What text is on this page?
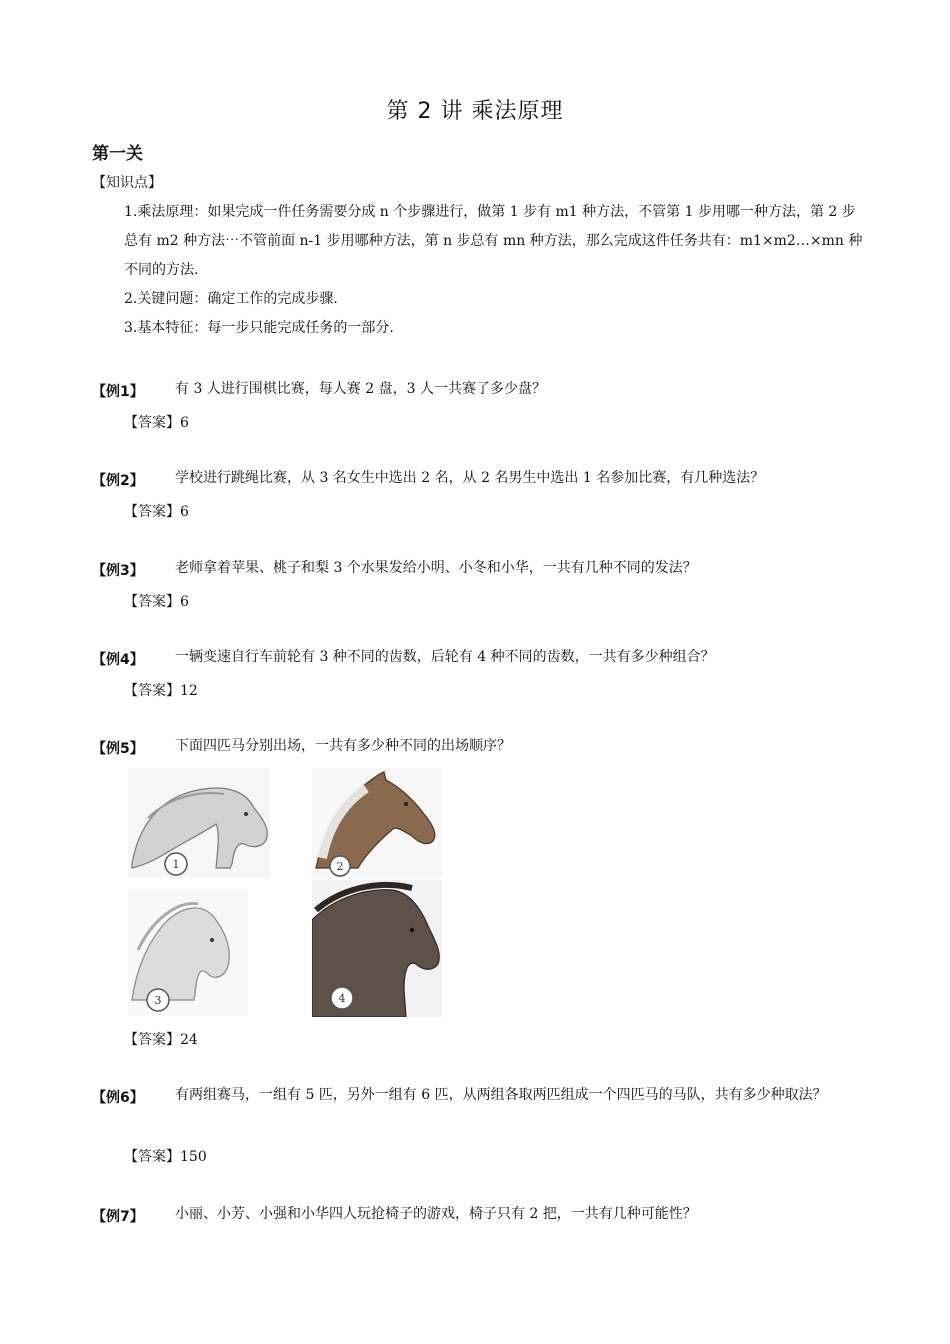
第 2 讲 乘法原理
第一关
【知识点】

1.乘法原理：如果完成一件任务需要分成 n 个步骤进行，做第 1 步有 m1 种方法，不管第 1 步用哪一种方法，第 2 步总有 m2 种方法⋯不管前面 n-1 步用哪种方法，第 n 步总有 mn 种方法，那么完成这件任务共有：m1×m2…×mn 种不同的方法.

2.关键问题：确定工作的完成步骤.

3.基本特征：每一步只能完成任务的一部分.

【例1】 有 3 人进行围棋比赛，每人赛 2 盘，3 人一共赛了多少盘？
【答案】6
【例2】 学校进行跳绳比赛，从 3 名女生中选出 2 名，从 2 名男生中选出 1 名参加比赛，有几种选法？
【答案】6
【例3】 老师拿着苹果、桃子和梨 3 个水果发给小明、小冬和小华，一共有几种不同的发法？
【答案】6
【例4】 一辆变速自行车前轮有 3 种不同的齿数，后轮有 4 种不同的齿数，一共有多少种组合？
【答案】12
【例5】 下面四匹马分别出场，一共有多少种不同的出场顺序？
1	2
3	4
【答案】24
【例6】	有两组赛马，一组有 5 匹，另外一组有 6 匹，从两组各取两匹组成一个四匹马的马队，共有多少种取法？
【答案】150
【例7】 小丽、小芳、小强和小华四人玩抢椅子的游戏，椅子只有 2 把，一共有几种可能性？
